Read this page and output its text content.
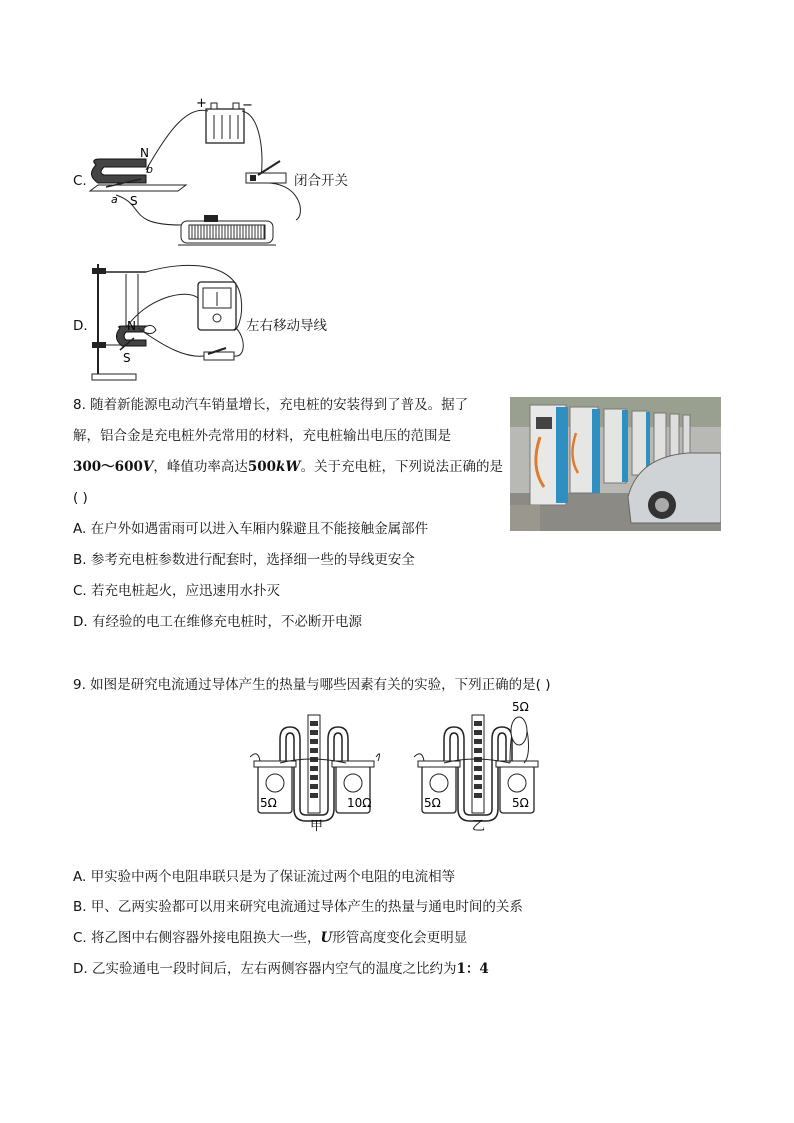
C.
+	−
N
S
a
b
闭合开关
D.	N
S
左右移动导线
8. 随着新能源电动汽车销量增长，充电桩的安装得到了普及。据了
解，铝合金是充电桩外壳常用的材料，充电桩输出电压的范围是
300～600V，峰值功率高达500kW。关于充电桩，下列说法正确的是
( )
A. 在户外如遇雷雨可以进入车厢内躲避且不能接触金属部件
B. 参考充电桩参数进行配套时，选择细一些的导线更安全
C. 若充电桩起火，应迅速用水扑灭
D. 有经验的电工在维修充电桩时，不必断开电源
9. 如图是研究电流通过导体产生的热量与哪些因素有关的实验，下列正确的是( )
5Ω	10Ω
甲
5Ω	5Ω
5Ω
乙
A. 甲实验中两个电阻串联只是为了保证流过两个电阻的电流相等
B. 甲、乙两实验都可以用来研究电流通过导体产生的热量与通电时间的关系
C. 将乙图中右侧容器外接电阻换大一些，U形管高度变化会更明显
D. 乙实验通电一段时间后，左右两侧容器内空气的温度之比约为1：4
